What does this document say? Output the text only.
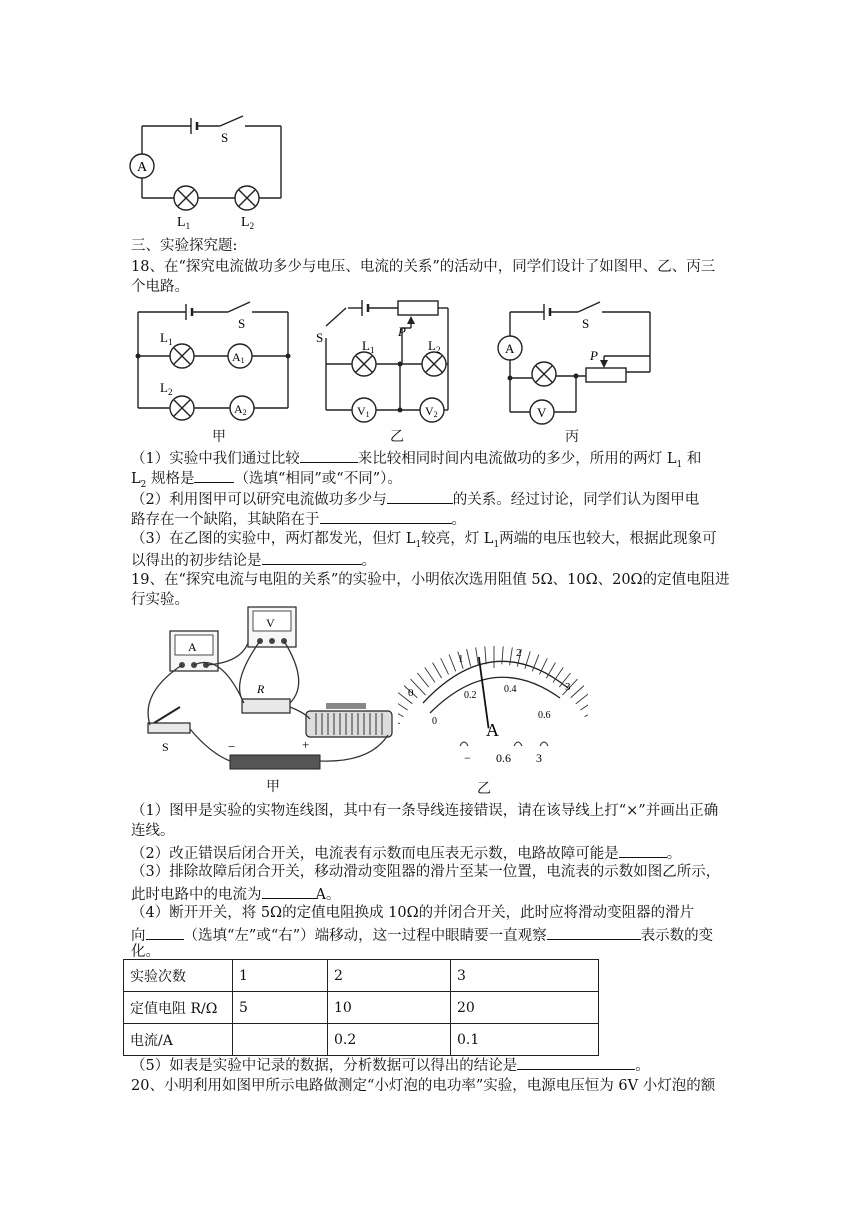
S
A
$L_1$	$L_2$
三、实验探究题:
18、在“探究电流做功多少与电压、电流的关系”的活动中，同学们设计了如图甲、乙、丙三
个电路。
S
$L_1$
$L_2$
A1
A2
S	P
$L_1$	$L_2$
V1	V2
S
P
A
V
甲	乙	丙
（1）实验中我们通过比较	来比较相同时间内电流做功的多少，所用的两灯 $L_1$ 和
$L_2$ 规格是	（选填“相同”或“不同”）。
（2）利用图甲可以研究电流做功多少与	的关系。经过讨论，同学们认为图甲电
路存在一个缺陷，其缺陷在于	。
（3）在乙图的实验中，两灯都发光，但灯 $L_1$较亮，灯 $L_1$两端的电压也较大，根据此现象可
以得出的初步结论是	。
19、在“探究电流与电阻的关系”的实验中，小明依次选用阻值 5Ω、10Ω、20Ω的定值电阻进
行实验。
A
V
R
S	−	+
甲
0
1	2
3
0
0.2
0.4
0.6
A
− 0.6 3
乙
（1）图甲是实验的实物连线图，其中有一条导线连接错误，请在该导线上打“×”并画出正确
连线。
（2）改正错误后闭合开关，电流表有示数而电压表无示数，电路故障可能是	。
（3）排除故障后闭合开关，移动滑动变阻器的滑片至某一位置，电流表的示数如图乙所示，
此时电路中的电流为	A。
（4）断开开关，将 5Ω的定值电阻换成 10Ω的并闭合开关，此时应将滑动变阻器的滑片
向	（选填“左”或“右”）端移动，这一过程中眼睛要一直观察	表示数的变
化。
实验次数	1	2	3
定值电阻 R/Ω	5	10	20
电流/A		0.2	0.1
（5）如表是实验中记录的数据，分析数据可以得出的结论是	。
20、小明利用如图甲所示电路做测定“小灯泡的电功率”实验，电源电压恒为 6V 小灯泡的额
